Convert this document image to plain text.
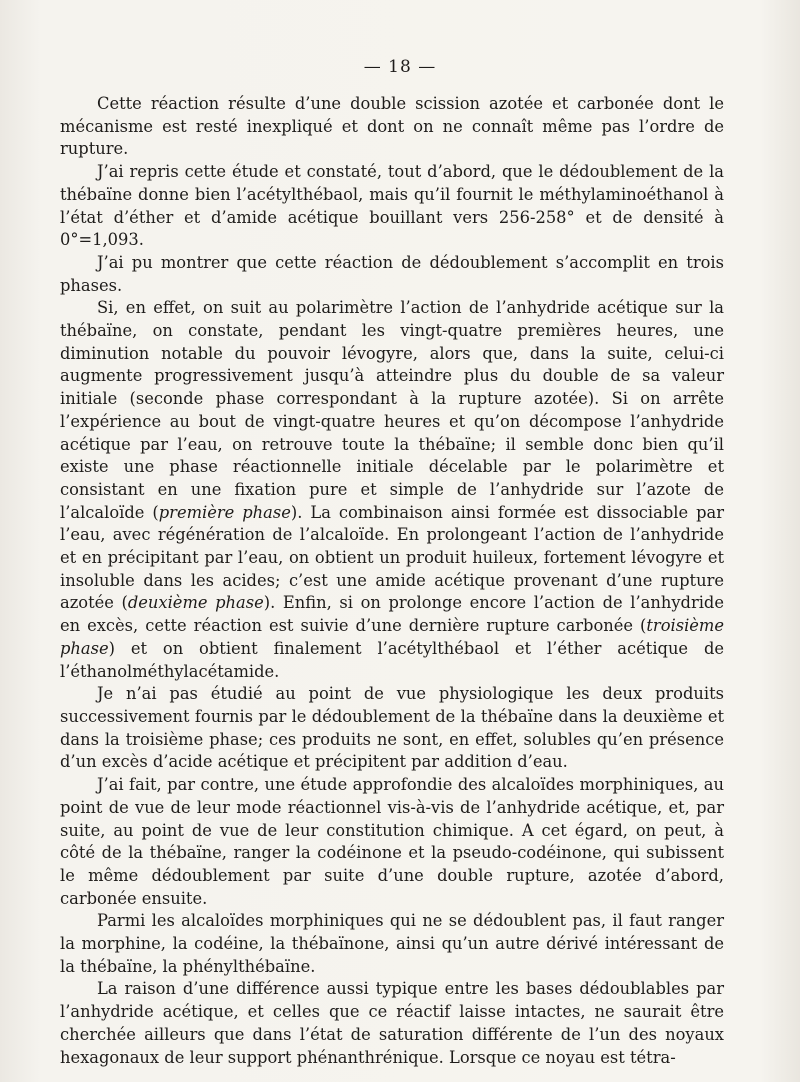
— 18 —

Cette réaction résulte d’une double scission azotée et carbonée dont le mécanisme est resté inexpliqué et dont on ne connaît même pas l’ordre de rupture.

J’ai repris cette étude et constaté, tout d’abord, que le dédoublement de la thébaïne donne bien l’acétylthébaol, mais qu’il fournit le méthylaminoéthanol à l’état d’éther et d’amide acétique bouillant vers 256-258° et de densité à 0°=1,093.

J’ai pu montrer que cette réaction de dédoublement s’accomplit en trois phases.

Si, en effet, on suit au polarimètre l’action de l’anhydride acétique sur la thébaïne, on constate, pendant les vingt-quatre premières heures, une diminution notable du pouvoir lévogyre, alors que, dans la suite, celui-ci augmente progressivement jusqu’à atteindre plus du double de sa valeur initiale (seconde phase correspondant à la rupture azotée). Si on arrête l’expérience au bout de vingt-quatre heures et qu’on décompose l’anhydride acétique par l’eau, on retrouve toute la thébaïne; il semble donc bien qu’il existe une phase réactionnelle initiale décelable par le polarimètre et consistant en une fixation pure et simple de l’anhydride sur l’azote de l’alcaloïde (première phase). La combinaison ainsi formée est dissociable par l’eau, avec régénération de l’alcaloïde. En prolongeant l’action de l’anhydride et en précipitant par l’eau, on obtient un produit huileux, fortement lévogyre et insoluble dans les acides; c’est une amide acétique provenant d’une rupture azotée (deuxième phase). Enfin, si on prolonge encore l’action de l’anhydride en excès, cette réaction est suivie d’une dernière rupture carbonée (troisième phase) et on obtient finalement l’acétylthébaol et l’éther acétique de l’éthanolméthylacétamide.

Je n’ai pas étudié au point de vue physiologique les deux produits successivement fournis par le dédoublement de la thébaïne dans la deuxième et dans la troisième phase; ces produits ne sont, en effet, solubles qu’en présence d’un excès d’acide acétique et précipitent par addition d’eau.

J’ai fait, par contre, une étude approfondie des alcaloïdes morphiniques, au point de vue de leur mode réactionnel vis-à-vis de l’anhydride acétique, et, par suite, au point de vue de leur constitution chimique. A cet égard, on peut, à côté de la thébaïne, ranger la codéinone et la pseudo-codéinone, qui subissent le même dédoublement par suite d’une double rupture, azotée d’abord, carbonée ensuite.

Parmi les alcaloïdes morphiniques qui ne se dédoublent pas, il faut ranger la morphine, la codéine, la thébaïnone, ainsi qu’un autre dérivé intéressant de la thébaïne, la phénylthébaïne.

La raison d’une différence aussi typique entre les bases dédoublables par l’anhydride acétique, et celles que ce réactif laisse intactes, ne saurait être cherchée ailleurs que dans l’état de saturation différente de l’un des noyaux hexagonaux de leur support phénanthrénique. Lorsque ce noyau est tétra-
